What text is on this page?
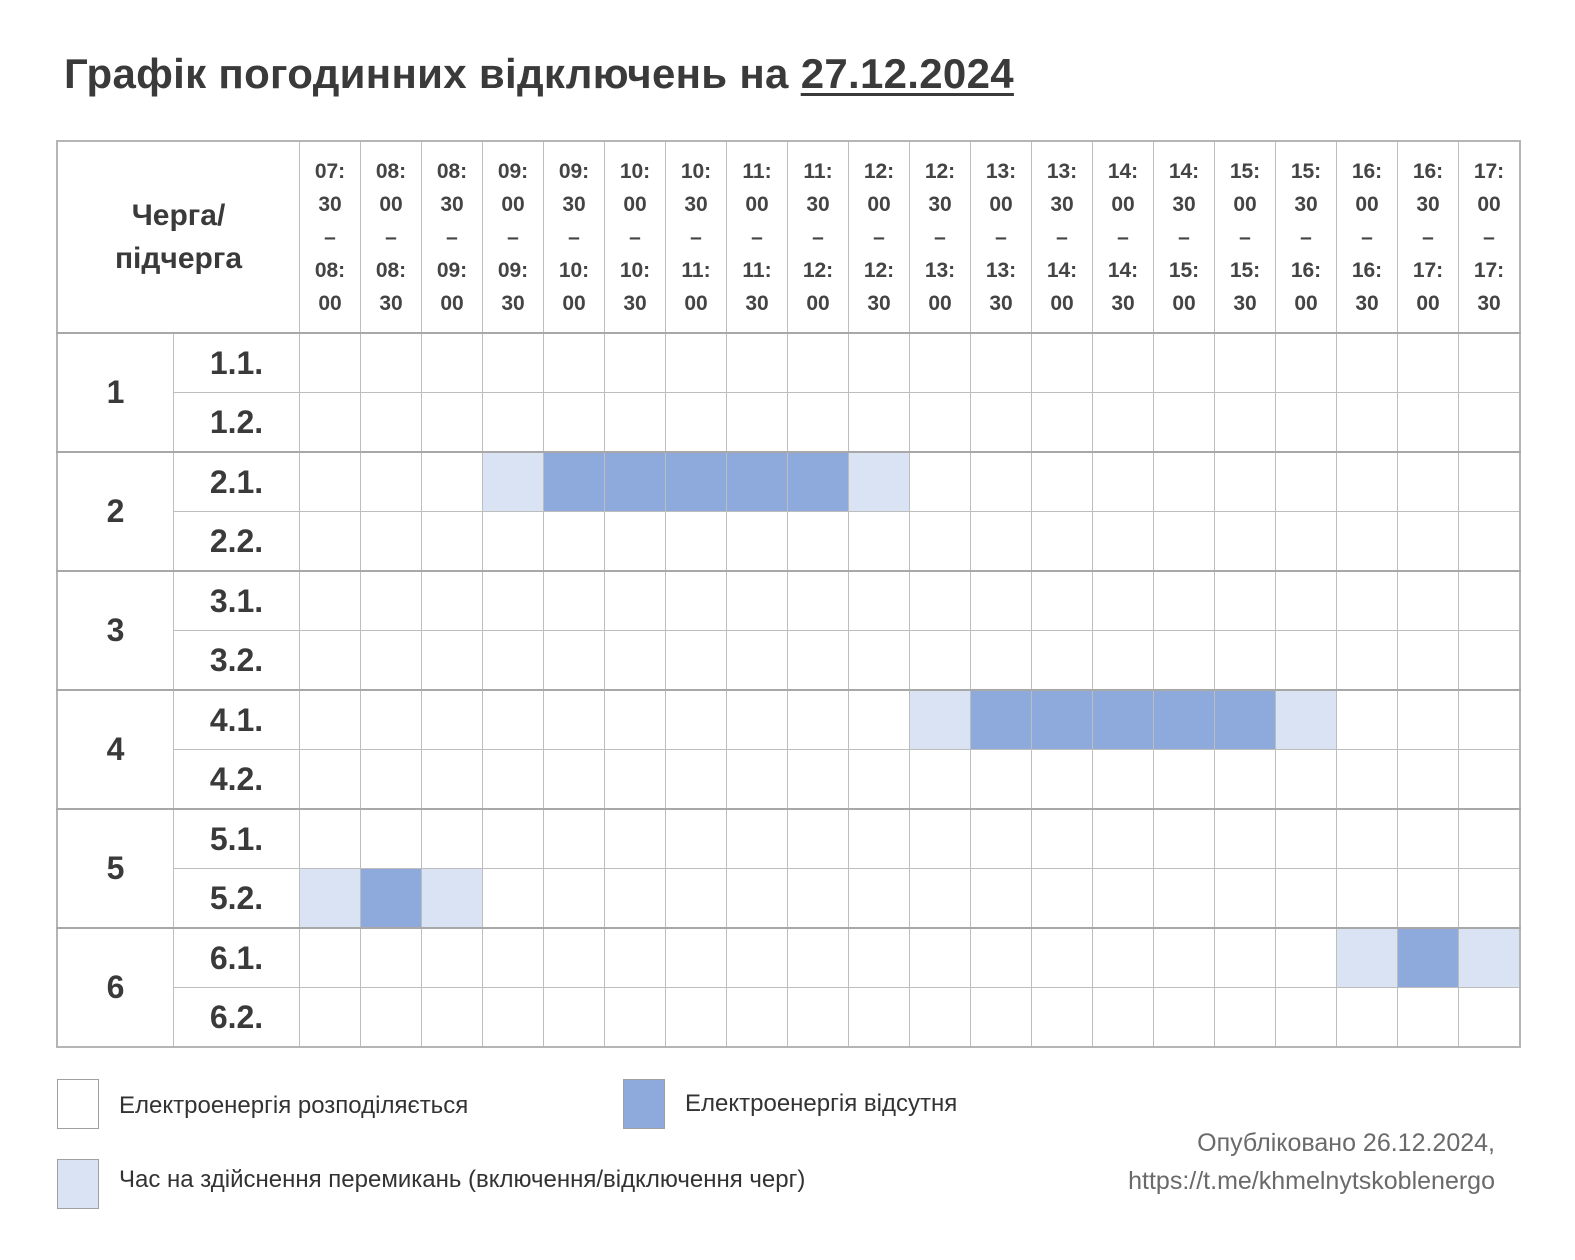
Графік погодинних відключень на 27.12.2024
Черга/
підчерга		07:
30
–
08:
00	08:
00
–
08:
30	08:
30
–
09:
00	09:
00
–
09:
30	09:
30
–
10:
00	10:
00
–
10:
30	10:
30
–
11:
00	11:
00
–
11:
30	11:
30
–
12:
00	12:
00
–
12:
30	12:
30
–
13:
00	13:
00
–
13:
30	13:
30
–
14:
00	14:
00
–
14:
30	14:
30
–
15:
00	15:
00
–
15:
30	15:
30
–
16:
00	16:
00
–
16:
30	16:
30
–
17:
00	17:
00
–
17:
30
1	1.1.																				
	1.2.																				
2	2.1.																				
	2.2.																				
3	3.1.																				
	3.2.																				
4	4.1.																				
	4.2.																				
5	5.1.																				
	5.2.																				
6	6.1.																				
	6.2.																				
Електроенергія розподіляється	Електроенергія відсутня
Час на здійснення перемикань (включення/відключення черг)
Опубліковано 26.12.2024,
https://t.me/khmelnytskoblenergo
